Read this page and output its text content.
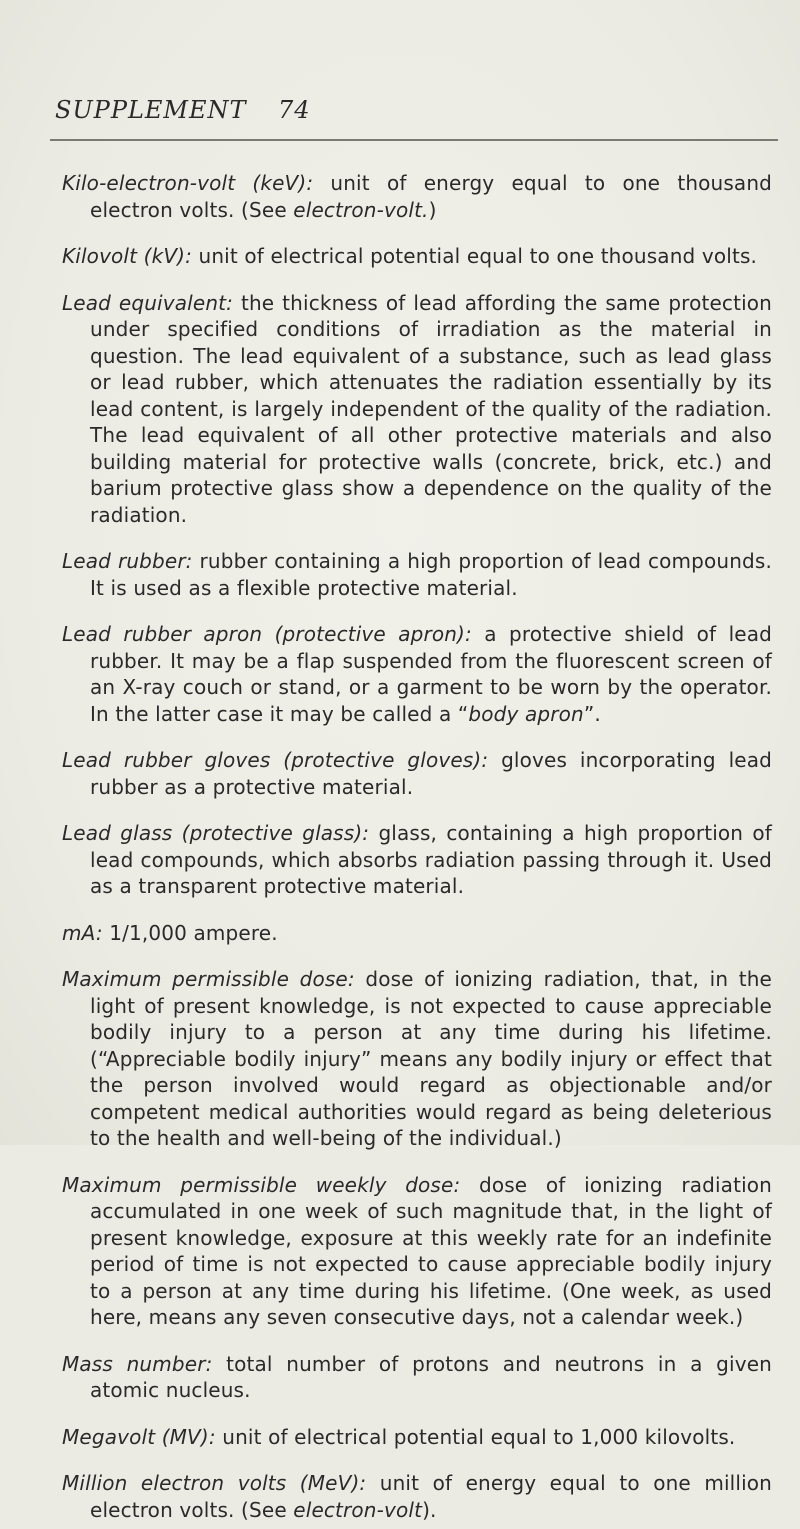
SUPPLEMENT 74

Kilo-electron-volt (keV): unit of energy equal to one thousand electron volts. (See electron-volt.)

Kilovolt (kV): unit of electrical potential equal to one thousand volts.

Lead equivalent: the thickness of lead affording the same protection under specified conditions of irradiation as the material in question. The lead equivalent of a substance, such as lead glass or lead rubber, which attenuates the radiation essentially by its lead content, is largely independent of the quality of the radiation. The lead equivalent of all other protective materials and also building material for protective walls (concrete, brick, etc.) and barium protective glass show a dependence on the quality of the radiation.

Lead rubber: rubber containing a high proportion of lead compounds. It is used as a flexible protective material.

Lead rubber apron (protective apron): a protective shield of lead rubber. It may be a flap suspended from the fluorescent screen of an X-ray couch or stand, or a garment to be worn by the operator. In the latter case it may be called a “body apron”.

Lead rubber gloves (protective gloves): gloves incorporating lead rubber as a protective material.

Lead glass (protective glass): glass, containing a high proportion of lead compounds, which absorbs radiation passing through it. Used as a transparent protective material.

mA: 1/1,000 ampere.

Maximum permissible dose: dose of ionizing radiation, that, in the light of present knowledge, is not expected to cause appreciable bodily injury to a person at any time during his lifetime. (“Appreciable bodily injury” means any bodily injury or effect that the person involved would regard as objectionable and/or competent medical authorities would regard as being deleterious to the health and well-being of the individual.)

Maximum permissible weekly dose: dose of ionizing radiation accumulated in one week of such magnitude that, in the light of present knowledge, exposure at this weekly rate for an indefinite period of time is not expected to cause appreciable bodily injury to a person at any time during his lifetime. (One week, as used here, means any seven consecutive days, not a calendar week.)

Mass number: total number of protons and neutrons in a given atomic nucleus.

Megavolt (MV): unit of electrical potential equal to 1,000 kilovolts.

Million electron volts (MeV): unit of energy equal to one million electron volts. (See electron-volt).
